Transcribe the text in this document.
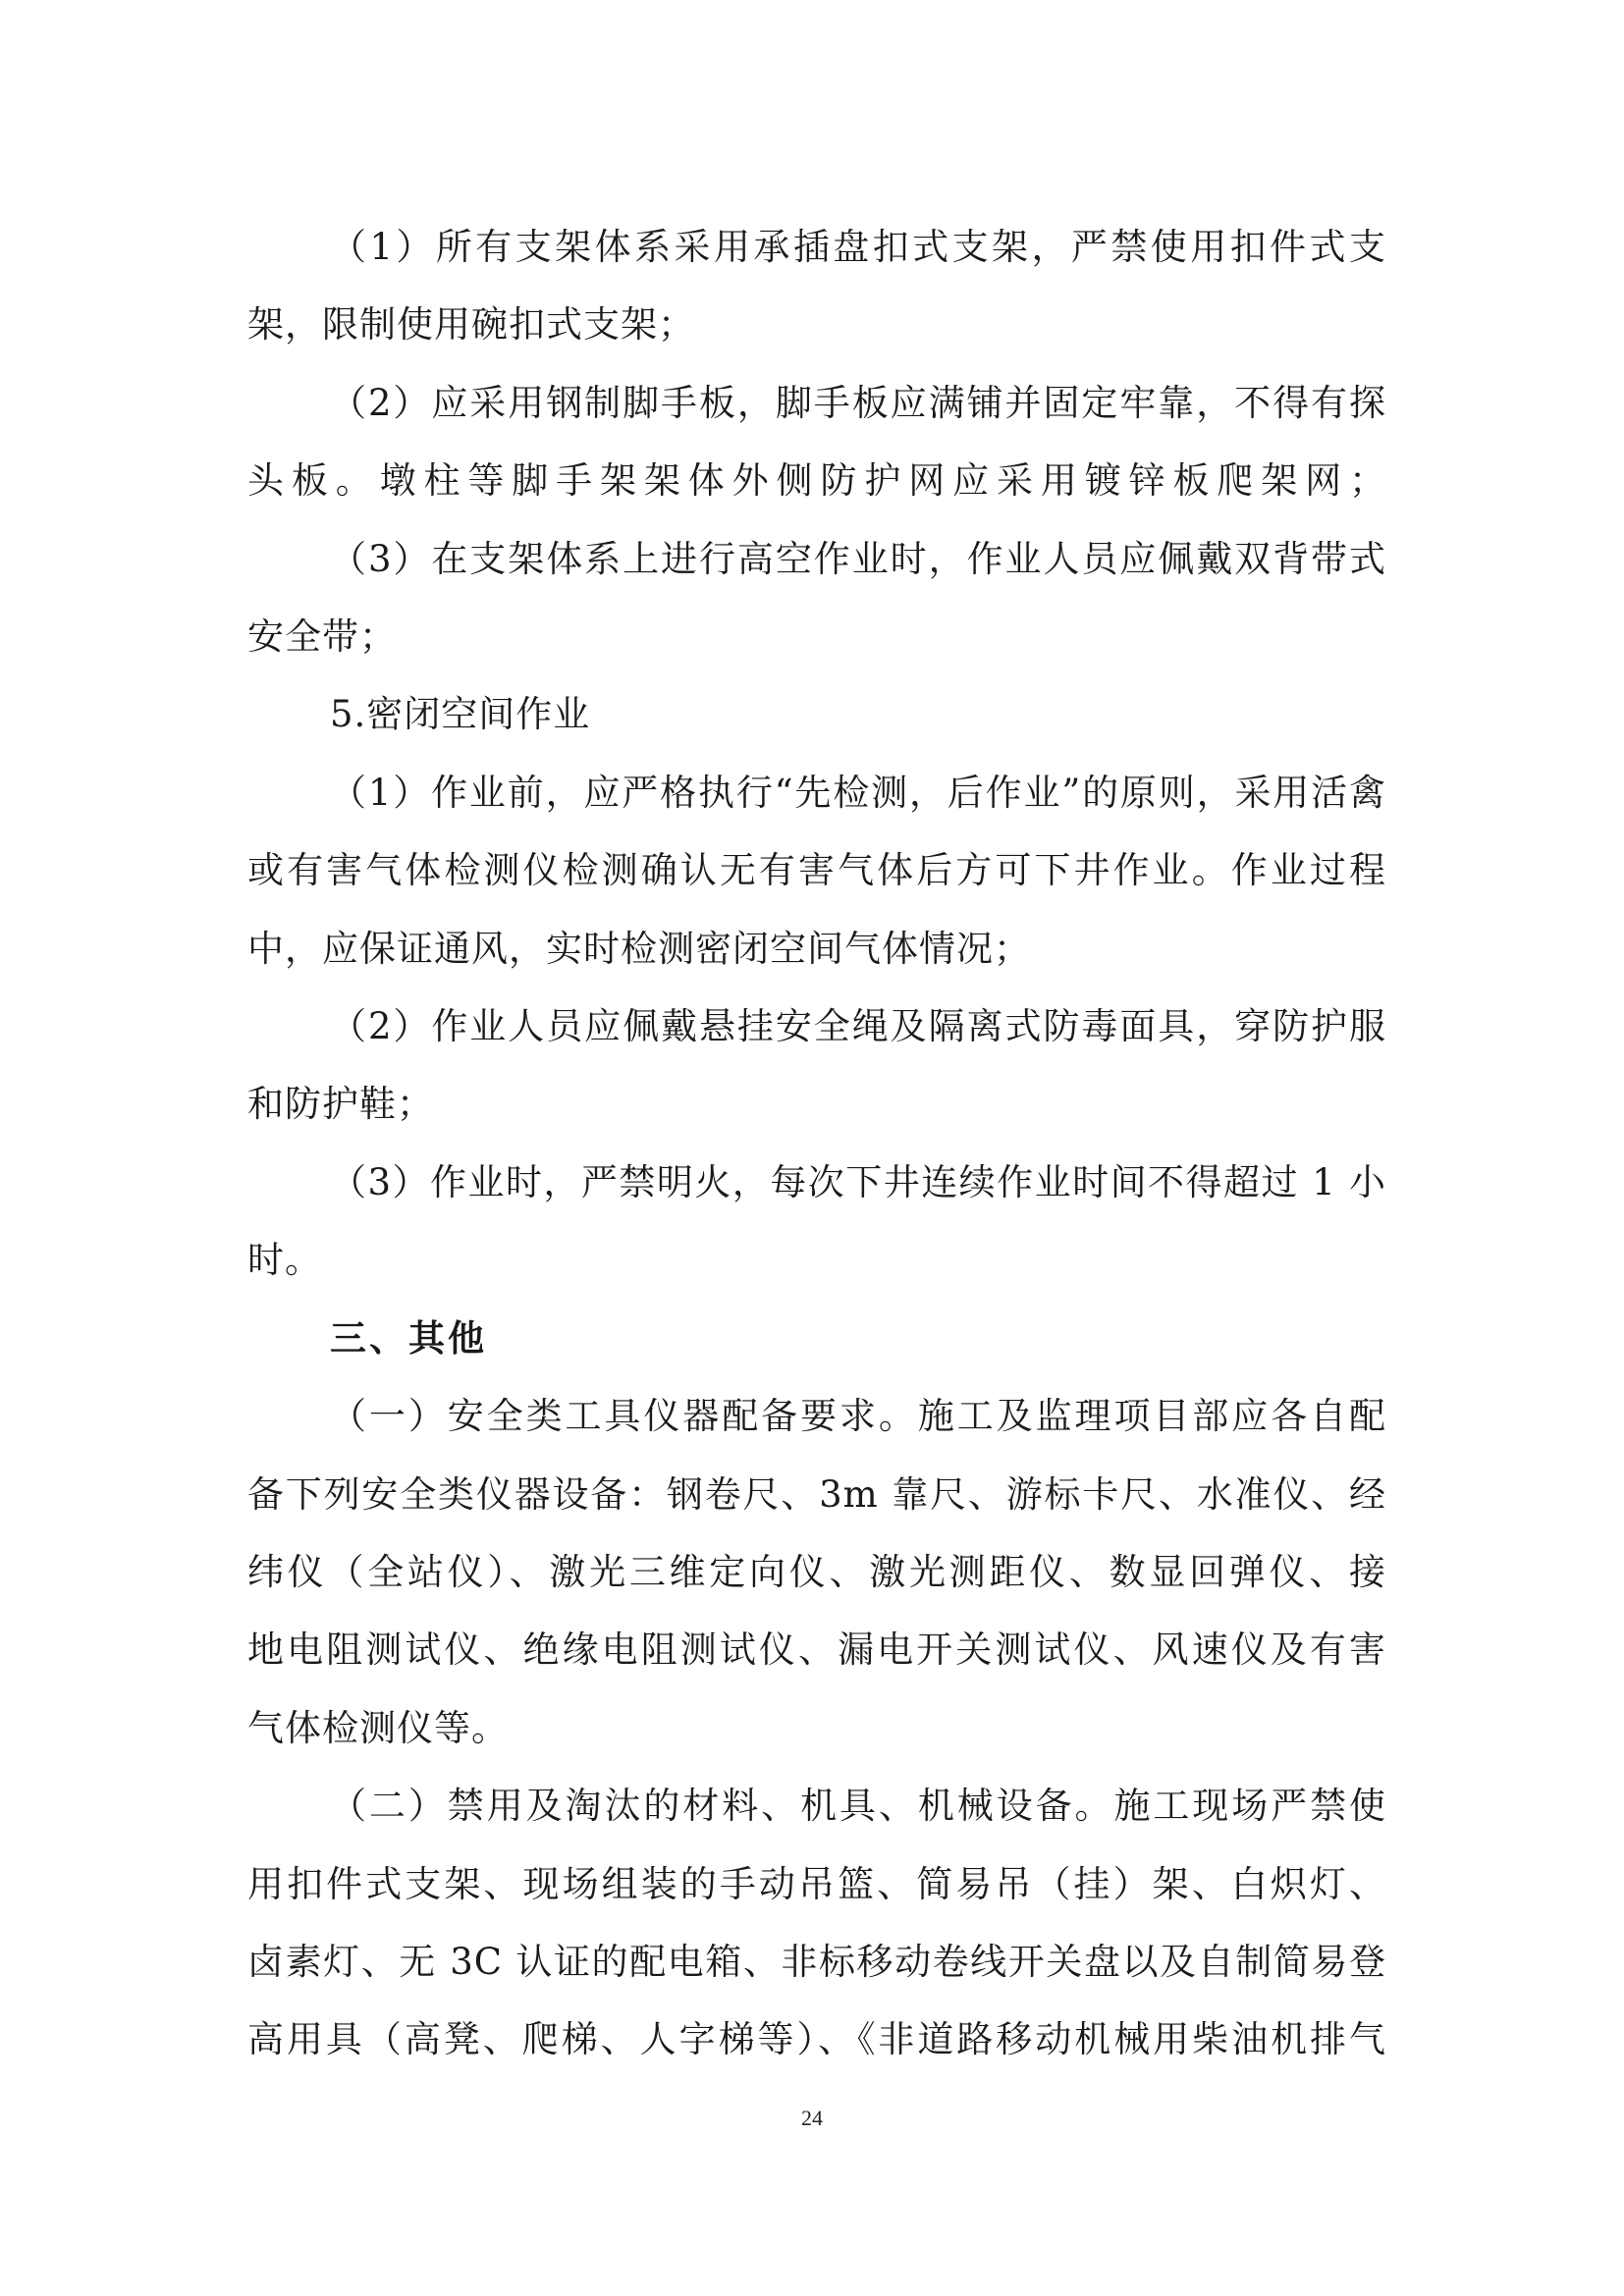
（1）所有支架体系采用承插盘扣式支架，严禁使用扣件式支
架，限制使用碗扣式支架；
（2）应采用钢制脚手板，脚手板应满铺并固定牢靠，不得有探
头板。墩柱等脚手架架体外侧防护网应采用镀锌板爬架网；
（3）在支架体系上进行高空作业时，作业人员应佩戴双背带式
安全带；
5.密闭空间作业
（1）作业前，应严格执行“先检测，后作业”的原则，采用活禽
或有害气体检测仪检测确认无有害气体后方可下井作业。作业过程
中，应保证通风，实时检测密闭空间气体情况；
（2）作业人员应佩戴悬挂安全绳及隔离式防毒面具，穿防护服
和防护鞋；
（3）作业时，严禁明火，每次下井连续作业时间不得超过 1 小
时。
三、其他
（一）安全类工具仪器配备要求。施工及监理项目部应各自配
备下列安全类仪器设备：钢卷尺、3m 靠尺、游标卡尺、水准仪、经
纬仪（全站仪）、激光三维定向仪、激光测距仪、数显回弹仪、接
地电阻测试仪、绝缘电阻测试仪、漏电开关测试仪、风速仪及有害
气体检测仪等。
（二）禁用及淘汰的材料、机具、机械设备。施工现场严禁使
用扣件式支架、现场组装的手动吊篮、简易吊（挂）架、白炽灯、
卤素灯、无 3C 认证的配电箱、非标移动卷线开关盘以及自制简易登
高用具（高凳、爬梯、人字梯等）、《非道路移动机械用柴油机排气
24
